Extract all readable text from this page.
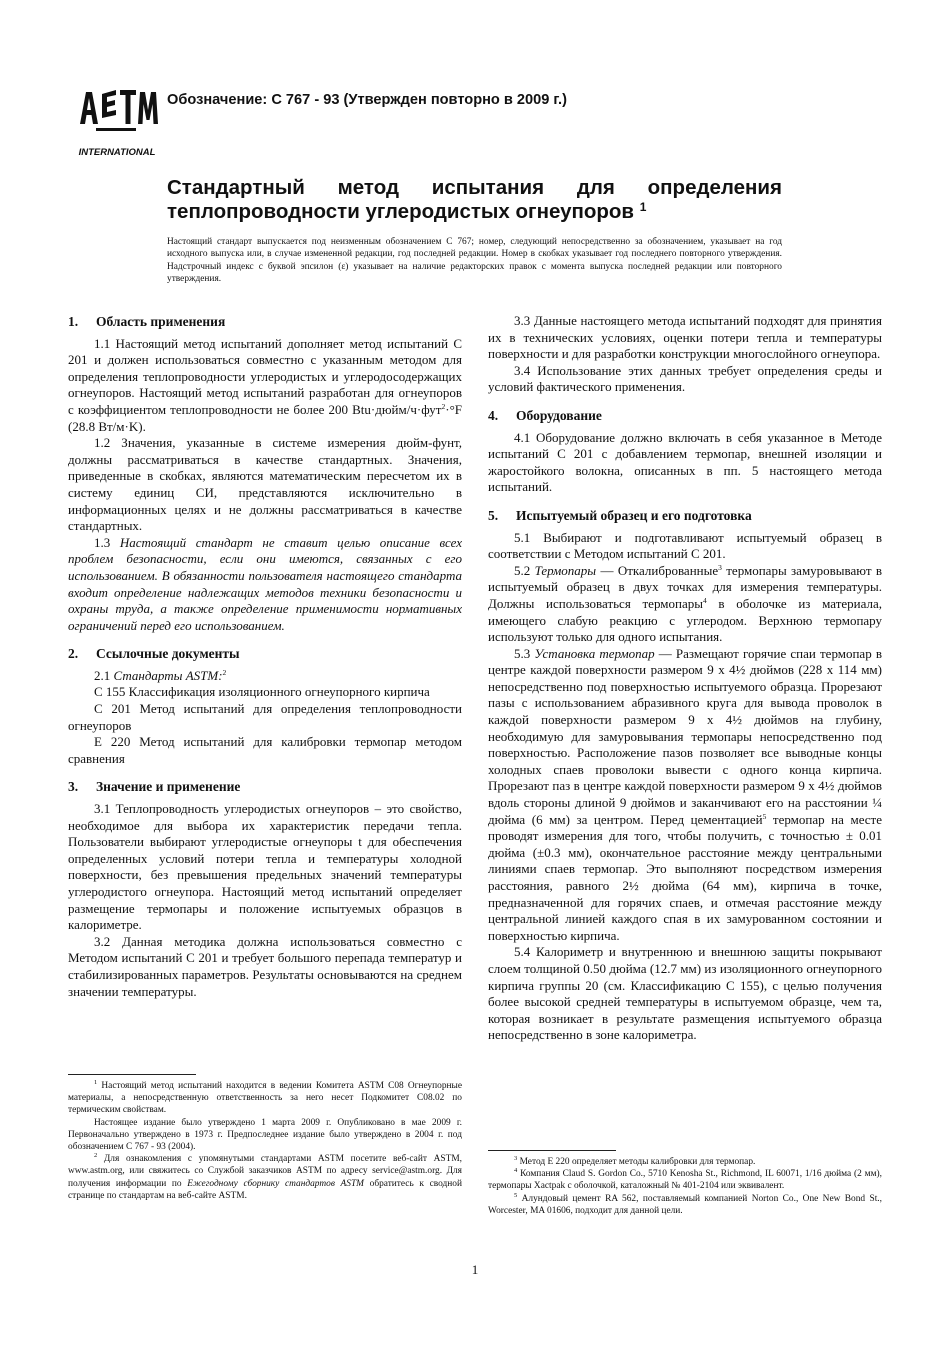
INTERNATIONAL
Обозначение: C 767 - 93 (Утвержден повторно в 2009 г.)
Стандартный метод испытания для определения теплопроводности углеродистых огнеупоров $^1$
Настоящий стандарт выпускается под неизменным обозначением С 767; номер, следующий непосредственно за обозначением, указывает на год исходного выпуска или, в случае измененной редакции, год последней редакции. Номер в скобках указывает год последнего повторного утверждения. Надстрочный индекс с буквой эпсилон (ε) указывает на наличие редакторских правок с момента выпуска последней редакции или повторного утверждения.
1. Область применения

1.1 Настоящий метод испытаний дополняет метод испытаний С 201 и должен использоваться совместно с указанным методом для определения теплопроводности углеродистых и углеродосодержащих огнеупоров. Настоящий метод испытаний разработан для огнеупоров с коэффициентом теплопроводности не более 200 Btu·дюйм/ч·фут$^2$·°F (28.8 Вт/м·K).

1.2 Значения, указанные в системе измерения дюйм-фунт, должны рассматриваться в качестве стандартных. Значения, приведенные в скобках, являются математическим пересчетом их в систему единиц СИ, представляются исключительно в информационных целях и не должны рассматриваться в качестве стандартных.

1.3 Настоящий стандарт не ставит целью описание всех проблем безопасности, если они имеются, связанных с его использованием. В обязанности пользователя настоящего стандарта входит определение надлежащих методов техники безопасности и охраны труда, а также определение применимости нормативных ограничений перед его использованием.

2. Ссылочные документы

2.1 Стандарты ASTM:$^2$

C 155 Классификация изоляционного огнеупорного кирпича

C 201 Метод испытаний для определения теплопроводности огнеупоров

E 220 Метод испытаний для калибровки термопар методом сравнения

3. Значение и применение

3.1 Теплопроводность углеродистых огнеупоров – это свойство, необходимое для выбора их характеристик передачи тепла. Пользователи выбирают углеродистые огнеупоры t для обеспечения определенных условий потери тепла и температуры холодной поверхности, без превышения предельных значений температуры углеродистого огнеупора. Настоящий метод испытаний определяет размещение термопары и положение испытуемых образцов в калориметре.

3.2 Данная методика должна использоваться совместно с Методом испытаний С 201 и требует большого перепада температур и стабилизированных параметров. Результаты основываются на среднем значении температуры.

$^1$ Настоящий метод испытаний находится в ведении Комитета ASTM C08 Огнеупорные материалы, а непосредственную ответственность за него несет Подкомитет C08.02 по термическим свойствам.

Настоящее издание было утверждено 1 марта 2009 г. Опубликовано в мае 2009 г. Первоначально утверждено в 1973 г. Предпоследнее издание было утверждено в 2004 г. под обозначением C 767 - 93 (2004).

$^2$ Для ознакомления с упомянутыми стандартами ASTM посетите веб-сайт ASTM, www.astm.org, или свяжитесь со Службой заказчиков ASTM по адресу service@astm.org. Для получения информации по Ежегодному сборнику стандартов ASTM обратитесь к сводной странице по стандартам на веб-сайте ASTM.

3.3 Данные настоящего метода испытаний подходят для принятия их в технических условиях, оценки потери тепла и температуры поверхности и для разработки конструкции многослойного огнеупора.

3.4 Использование этих данных требует определения среды и условий фактического применения.

4. Оборудование

4.1 Оборудование должно включать в себя указанное в Методе испытаний С 201 с добавлением термопар, внешней изоляции и жаростойкого волокна, описанных в пп. 5 настоящего метода испытаний.

5. Испытуемый образец и его подготовка

5.1 Выбирают и подготавливают испытуемый образец в соответствии с Методом испытаний С 201.

5.2 Термопары — Откалиброванные$^3$ термопары замуровывают в испытуемый образец в двух точках для измерения температуры. Должны использоваться термопары$^4$ в оболочке из материала, имеющего слабую реакцию с углеродом. Верхнюю термопару используют только для одного испытания.

5.3 Установка термопар — Размещают горячие спаи термопар в центре каждой поверхности размером 9 x 4½ дюймов (228 x 114 мм) непосредственно под поверхностью испытуемого образца. Прорезают пазы с использованием абразивного круга для вывода проволок в каждой поверхности размером 9 x 4½ дюймов на глубину, необходимую для замуровывания термопары непосредственно под поверхностью. Расположение пазов позволяет все выводные концы холодных спаев проволоки вывести с одного конца кирпича. Прорезают паз в центре каждой поверхности размером 9 x 4½ дюймов вдоль стороны длиной 9 дюймов и заканчивают его на расстоянии ¼ дюйма (6 мм) за центром. Перед цементацией$^5$ термопар на месте проводят измерения для того, чтобы получить, с точностью ± 0.01 дюйма (±0.3 мм), окончательное расстояние между центральными линиями спаев термопар. Это выполняют посредством измерения расстояния, равного 2½ дюйма (64 мм), кирпича в точке, предназначенной для горячих спаев, и отмечая расстояние между центральной линией каждого спая в их замурованном состоянии и поверхностью кирпича.

5.4 Калориметр и внутреннюю и внешнюю защиты покрывают слоем толщиной 0.50 дюйма (12.7 мм) из изоляционного огнеупорного кирпича группы 20 (см. Классификацию С 155), с целью получения более высокой средней температуры в испытуемом образце, чем та, которая возникает в результате размещения испытуемого образца непосредственно в зоне калориметра.

$^3$ Метод E 220 определяет методы калибровки для термопар.

$^4$ Компания Claud S. Gordon Co., 5710 Kenosha St., Richmond, IL 60071, 1/16 дюйма (2 мм), термопары Xactpak с оболочкой, каталожный № 401-2104 или эквивалент.

$^5$ Алундовый цемент RA 562, поставляемый компанией Norton Co., One New Bond St., Worcester, MA 01606, подходит для данной цели.

1
